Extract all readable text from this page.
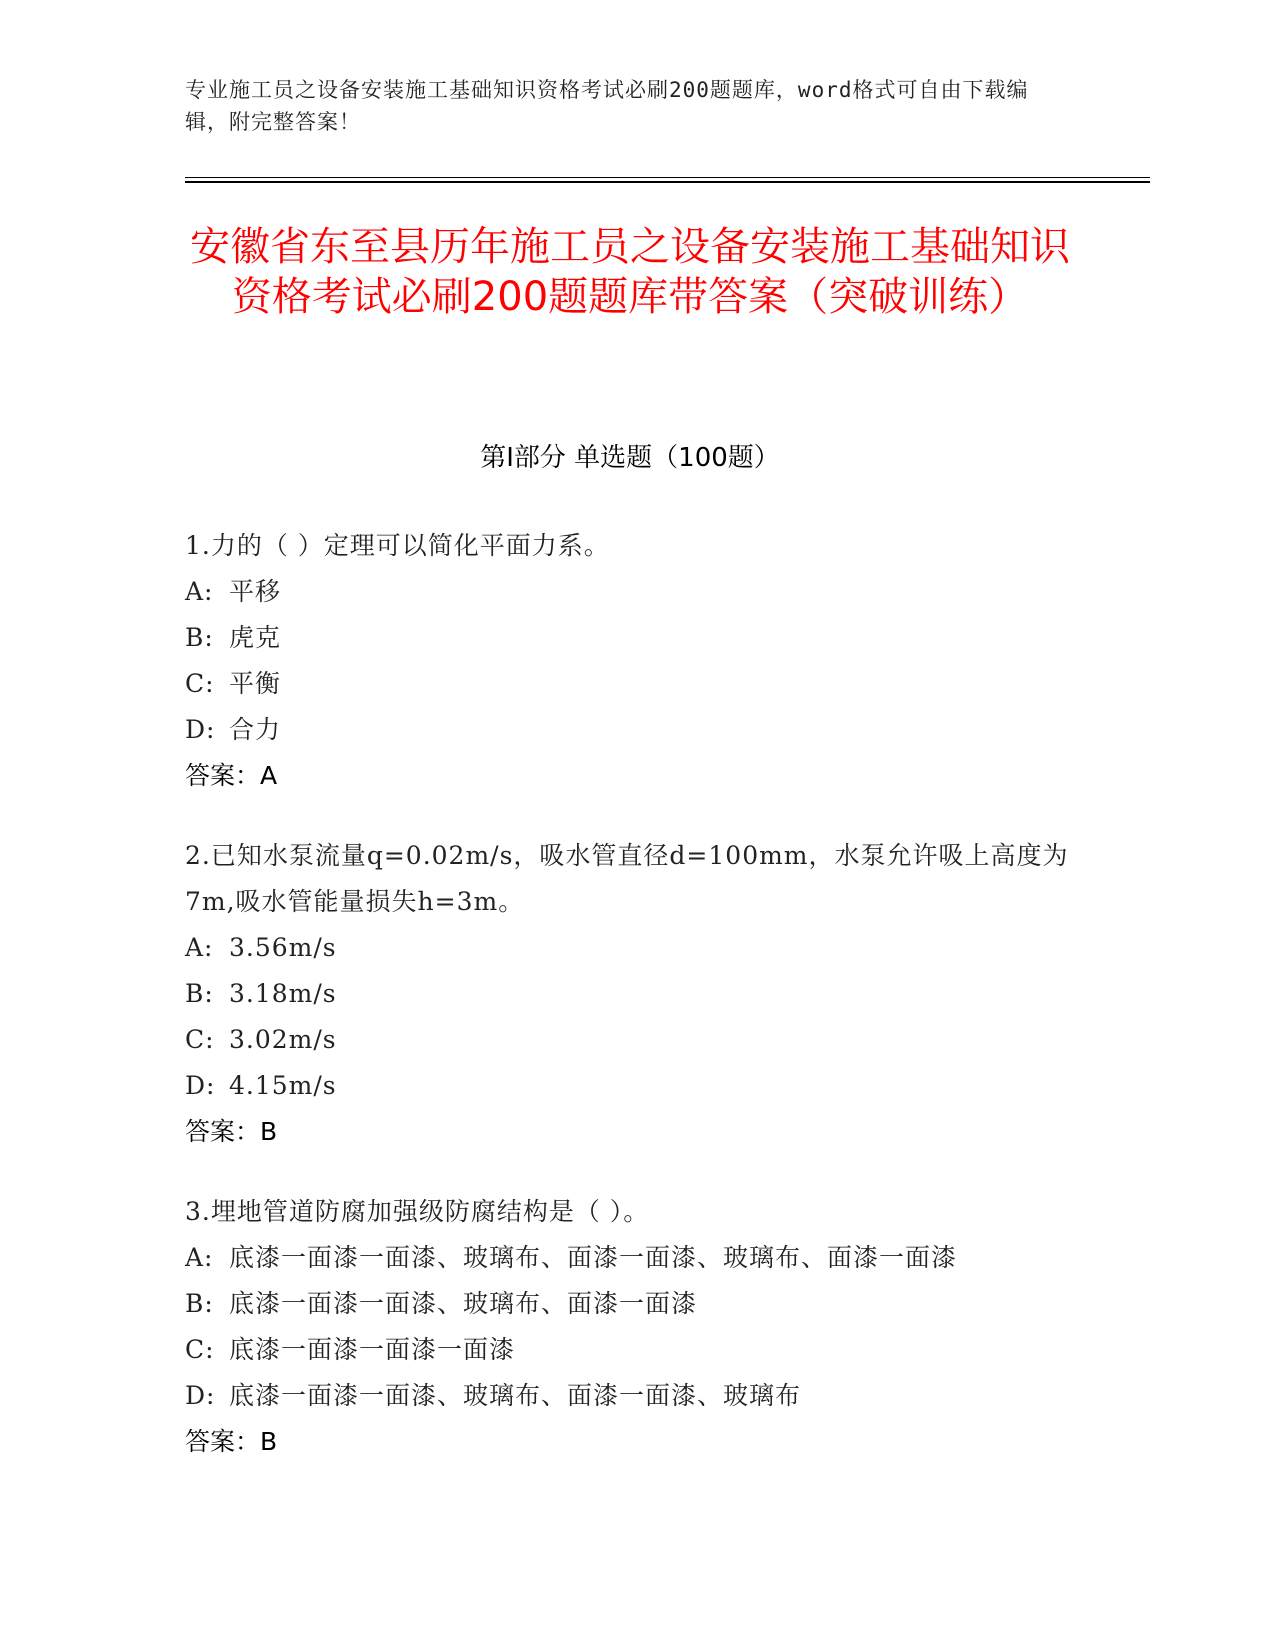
专业施工员之设备安装施工基础知识资格考试必刷200题题库，word格式可自由下载编辑，附完整答案！
安徽省东至县历年施工员之设备安装施工基础知识资格考试必刷200题题库带答案（突破训练）
第I部分 单选题（100题）
1.力的（ ）定理可以简化平面力系。
A: 平移
B: 虎克
C: 平衡
D: 合力
答案：A
2.已知水泵流量q=0.02m/s，吸水管直径d=100mm，水泵允许吸上高度为7m,吸水管能量损失h=3m。
A: 3.56m/s
B: 3.18m/s
C: 3.02m/s
D: 4.15m/s
答案：B
3.埋地管道防腐加强级防腐结构是（ ）。
A: 底漆一面漆一面漆、玻璃布、面漆一面漆、玻璃布、面漆一面漆
B: 底漆一面漆一面漆、玻璃布、面漆一面漆
C: 底漆一面漆一面漆一面漆
D: 底漆一面漆一面漆、玻璃布、面漆一面漆、玻璃布
答案：B
